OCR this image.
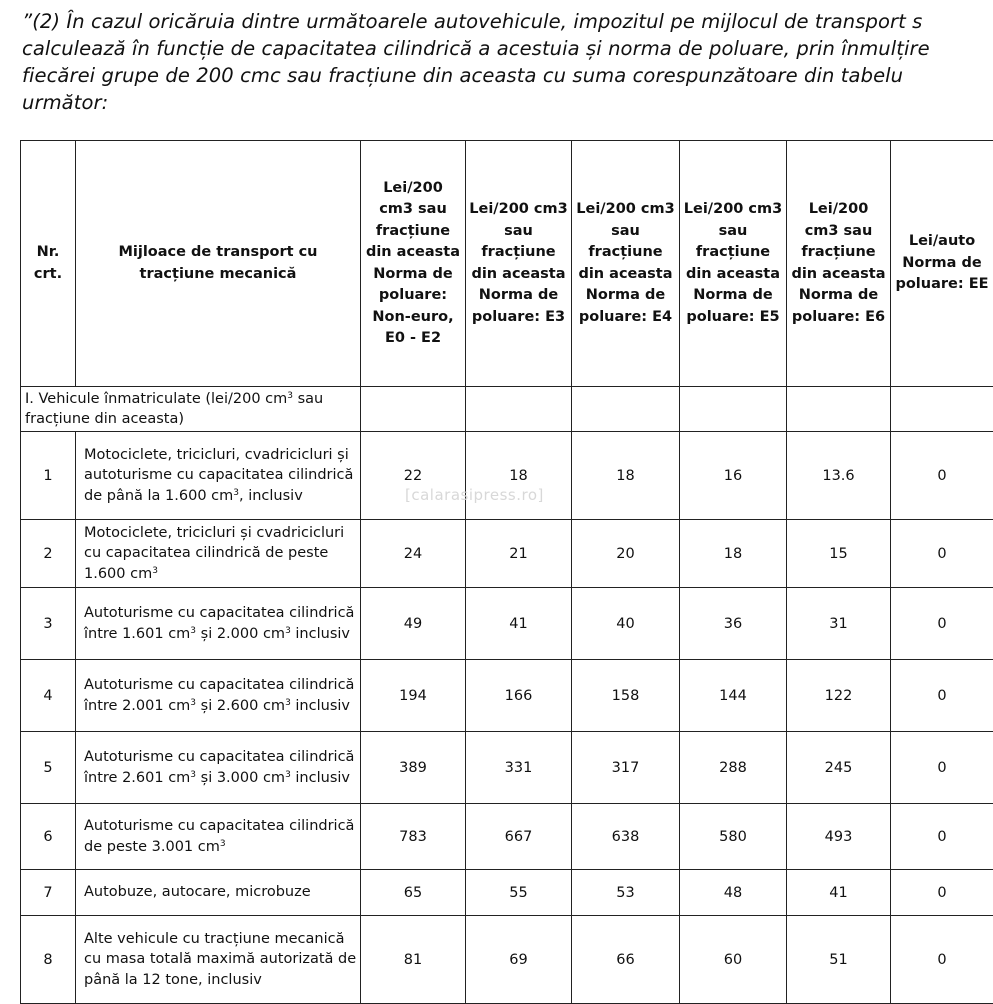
”(2) În cazul oricăruia dintre următoarele autovehicule, impozitul pe mijlocul de transport s
calculează în funcție de capacitatea cilindrică a acestuia și norma de poluare, prin înmulțire
fiecărei grupe de 200 cmc sau fracțiune din aceasta cu suma corespunzătoare din tabelu
următor:
Nr. crt.	Mijloace de transport cu tracțiune mecanică	Lei/200 cm3 sau fracțiune din aceasta Norma de poluare: Non-euro, E0 - E2	Lei/200 cm3 sau fracțiune din aceasta Norma de poluare: E3	Lei/200 cm3 sau fracțiune din aceasta Norma de poluare: E4	Lei/200 cm3 sau fracțiune din aceasta Norma de poluare: E5	Lei/200 cm3 sau fracțiune din aceasta Norma de poluare: E6	Lei/auto Norma de poluare: EE
I. Vehicule înmatriculate (lei/200 $cm^3$ sau fracțiune din aceasta)							
1	Motociclete, tricicluri, cvadricicluri și autoturisme cu capacitatea cilindrică de până la 1.600 $cm^3$, inclusiv	22	18	18	16	13.6	0
2	Motociclete, tricicluri și cvadricicluri cu capacitatea cilindrică de peste 1.600 $cm^3$	24	21	20	18	15	0
3	Autoturisme cu capacitatea cilindrică între 1.601 $cm^3$ și 2.000 $cm^3$ inclusiv	49	41	40	36	31	0
4	Autoturisme cu capacitatea cilindrică între 2.001 $cm^3$ și 2.600 $cm^3$ inclusiv	194	166	158	144	122	0
5	Autoturisme cu capacitatea cilindrică între 2.601 $cm^3$ și 3.000 $cm^3$ inclusiv	389	331	317	288	245	0
6	Autoturisme cu capacitatea cilindrică de peste 3.001 $cm^3$	783	667	638	580	493	0
7	Autobuze, autocare, microbuze	65	55	53	48	41	0
8	Alte vehicule cu tracțiune mecanică cu masa totală maximă autorizată de până la 12 tone, inclusiv	81	69	66	60	51	0
[calarasipress.ro]
